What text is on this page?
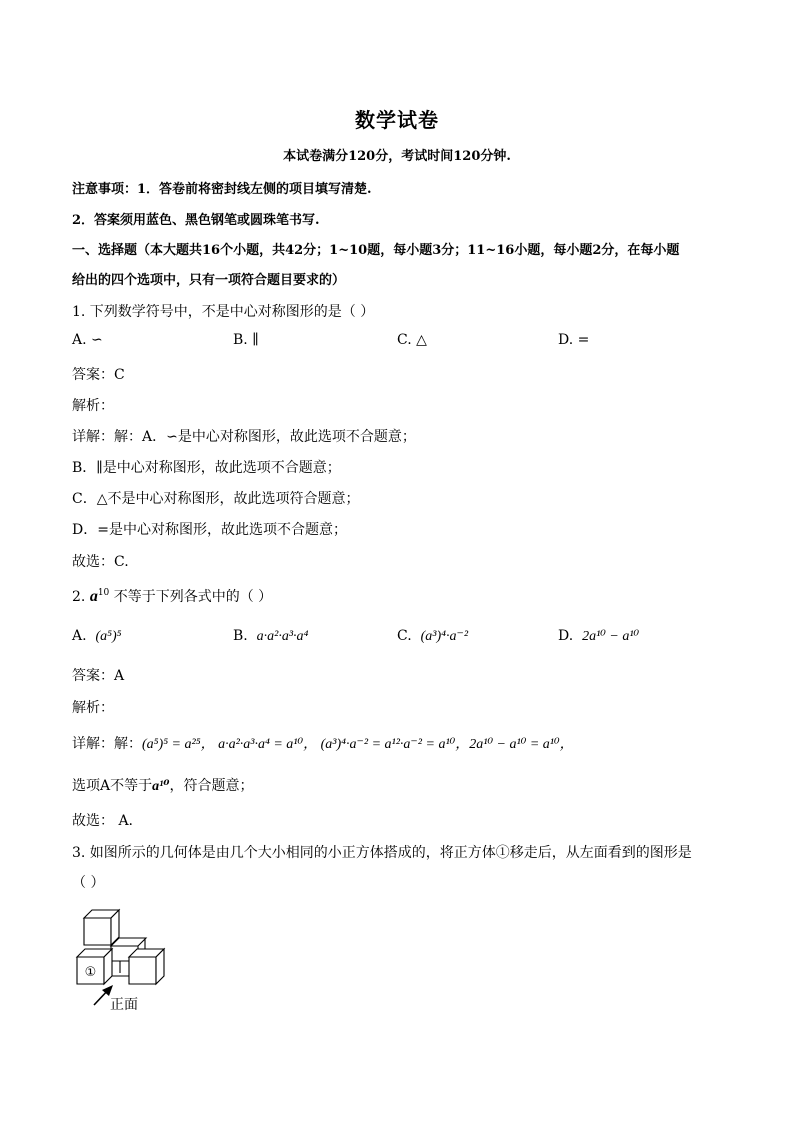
数学试卷
本试卷满分120分，考试时间120分钟.
注意事项：1．答卷前将密封线左侧的项目填写清楚.
2．答案须用蓝色、黑色钢笔或圆珠笔书写.
一、选择题（本大题共16个小题，共42分；1~10题，每小题3分；11~16小题，每小题2分，在每小题
给出的四个选项中，只有一项符合题目要求的）
1. 下列数学符号中，不是中心对称图形的是（ ）
A. ∽	B. ∥	C. △	D. =
答案：C
解析：
详解：解：A．∽是中心对称图形，故此选项不合题意；
B．∥是中心对称图形，故此选项不合题意；
C．△不是中心对称图形，故此选项符合题意；
D．=是中心对称图形，故此选项不合题意；
故选：C.
2. $a^{10}$ 不等于下列各式中的（ ）
A. (a⁵)⁵	B. a·a²·a³·a⁴	C. (a³)⁴·a⁻²	D. 2a¹⁰ − a¹⁰
答案：A
解析：
详解：解：(a⁵)⁵ = a²⁵， a·a²·a³·a⁴ = a¹⁰， (a³)⁴·a⁻² = a¹²·a⁻² = a¹⁰，2a¹⁰ − a¹⁰ = a¹⁰，
选项A不等于a¹⁰，符合题意；
故选： A.
3. 如图所示的几何体是由几个大小相同的小正方体搭成的，将正方体①移走后，从左面看到的图形是
（ ）
①
正面
